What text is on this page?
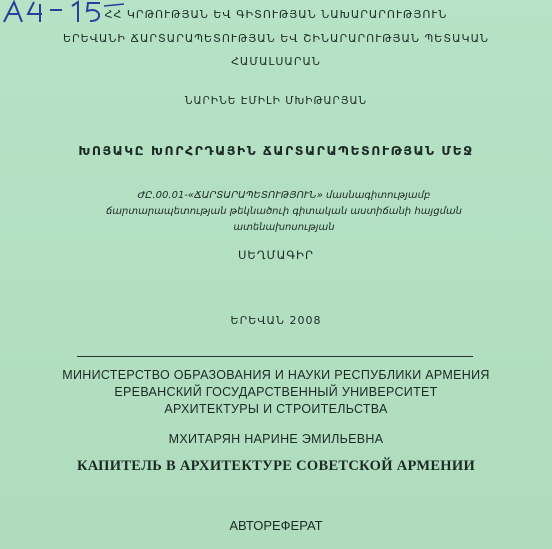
ՀՀ ԿՐԹՈՒԹՅԱՆ ԵՎ ԳԻՏՈՒԹՅԱՆ ՆԱԽԱՐԱՐՈՒԹՅՈՒՆ
ԵՐԵՎԱՆԻ ՃԱՐՏԱՐԱՊԵՏՈՒԹՅԱՆ ԵՎ ՇԻՆԱՐԱՐՈՒԹՅԱՆ ՊԵՏԱԿԱՆ
ՀԱՄԱԼՍԱՐԱՆ
ՆԱՐԻՆԵ ԷՄԻԼԻ ՄԽԻԹԱՐՅԱՆ
ԽՈՅԱԿԸ ԽՈՐՀՐԴԱՅԻՆ ՃԱՐՏԱՐԱՊԵՏՈՒԹՅԱՆ ՄԵՋ
ԺԸ.00.01-«ՃԱՐՏԱՐԱՊԵՏՈՒԹՅՈՒՆ» մասնագիտությամբ
ճարտարապետության թեկնածուի գիտական աստիճանի հայցման
ատենախոսության
ՍԵՂՄԱԳԻՐ
ԵՐԵՎԱՆ 2008
МИНИСТЕРСТВО ОБРАЗОВАНИЯ И НАУКИ РЕСПУБЛИКИ АРМЕНИЯ
ЕРЕВАНСКИЙ ГОСУДАРСТВЕННЫЙ УНИВЕРСИТЕТ
АРХИТЕКТУРЫ И СТРОИТЕЛЬСТВА
МХИТАРЯН НАРИНЕ ЭМИЛЬЕВНА
КАПИТЕЛЬ В АРХИТЕКТУРЕ СОВЕТСКОЙ АРМЕНИИ
АВТОРЕФЕРАТ
